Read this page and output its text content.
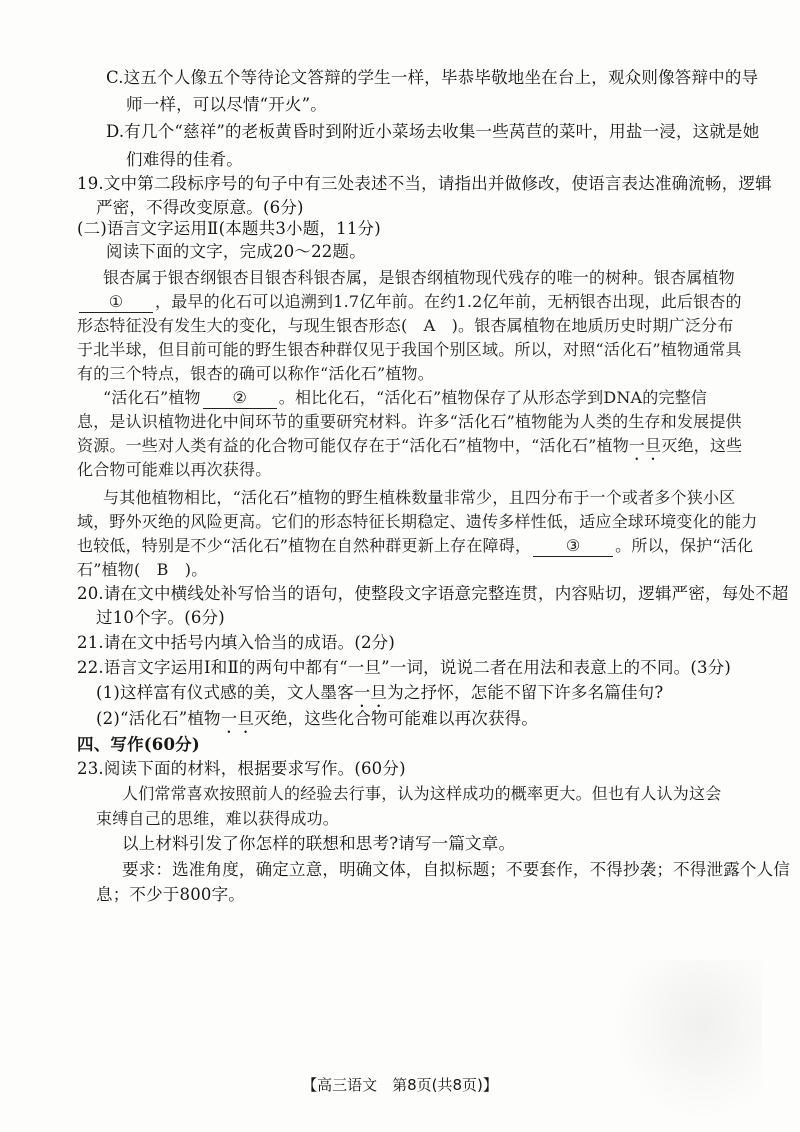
C.这五个人像五个等待论文答辩的学生一样，毕恭毕敬地坐在台上，观众则像答辩中的导
师一样，可以尽情“开火”。
D.有几个“慈祥”的老板黄昏时到附近小菜场去收集一些莴苣的菜叶，用盐一浸，这就是她
们难得的佳肴。
19.文中第二段标序号的句子中有三处表述不当，请指出并做修改，使语言表达准确流畅，逻辑
严密，不得改变原意。(6分)
(二)语言文字运用Ⅱ(本题共3小题，11分)
阅读下面的文字，完成20～22题。
银杏属于银杏纲银杏目银杏科银杏属，是银杏纲植物现代残存的唯一的树种。银杏属植物
① ，最早的化石可以追溯到1.7亿年前。在约1.2亿年前，无柄银杏出现，此后银杏的
形态特征没有发生大的变化，与现生银杏形态(　A　)。银杏属植物在地质历史时期广泛分布
于北半球，但目前可能的野生银杏种群仅见于我国个别区域。所以，对照“活化石”植物通常具
有的三个特点，银杏的确可以称作“活化石”植物。
“活化石”植物 ② 。相比化石，“活化石”植物保存了从形态学到DNA的完整信
息，是认识植物进化中间环节的重要研究材料。许多“活化石”植物能为人类的生存和发展提供
资源。一些对人类有益的化合物可能仅存在于“活化石”植物中，“活化石”植物一旦灭绝，这些
化合物可能难以再次获得。
与其他植物相比，“活化石”植物的野生植株数量非常少，且四分布于一个或者多个狭小区
域，野外灭绝的风险更高。它们的形态特征长期稳定、遗传多样性低，适应全球环境变化的能力
也较低，特别是不少“活化石”植物在自然种群更新上存在障碍， ③ 。所以，保护“活化
石”植物(　B　)。
20.请在文中横线处补写恰当的语句，使整段文字语意完整连贯，内容贴切，逻辑严密，每处不超
过10个字。(6分)
21.请在文中括号内填入恰当的成语。(2分)
22.语言文字运用Ⅰ和Ⅱ的两句中都有“一旦”一词，说说二者在用法和表意上的不同。(3分)
(1)这样富有仪式感的美，文人墨客一旦为之抒怀，怎能不留下许多名篇佳句?
(2)“活化石”植物一旦灭绝，这些化合物可能难以再次获得。
四、写作(60分)
23.阅读下面的材料，根据要求写作。(60分)
人们常常喜欢按照前人的经验去行事，认为这样成功的概率更大。但也有人认为这会
束缚自己的思维，难以获得成功。
以上材料引发了你怎样的联想和思考?请写一篇文章。
要求：选准角度，确定立意，明确文体，自拟标题；不要套作，不得抄袭；不得泄露个人信
息；不少于800字。
【高三语文　第8页(共8页)】
